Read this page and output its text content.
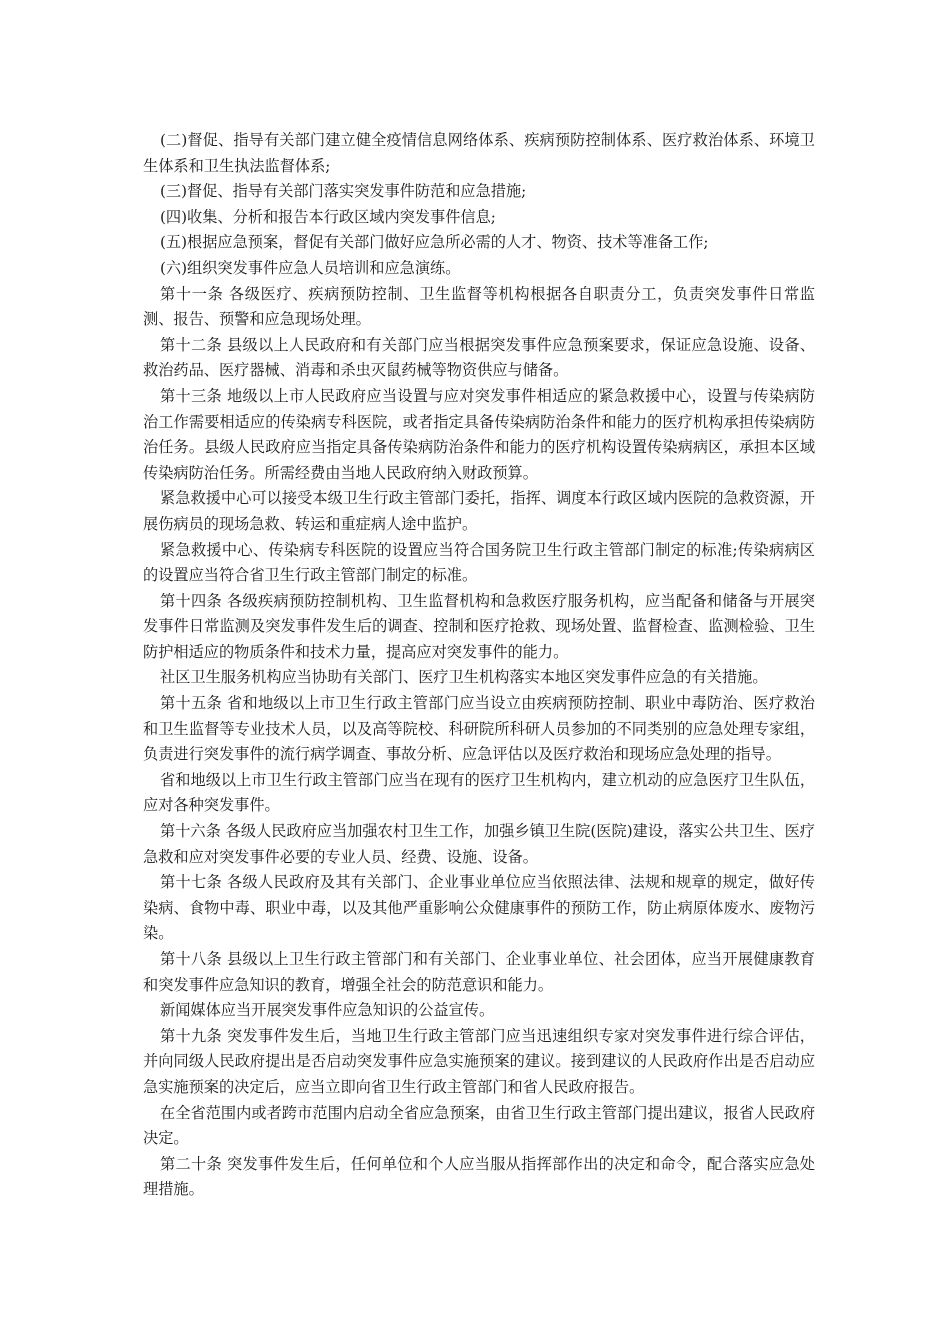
(二)督促、指导有关部门建立健全疫情信息网络体系、疾病预防控制体系、医疗救治体系、环境卫生体系和卫生执法监督体系;

(三)督促、指导有关部门落实突发事件防范和应急措施;

(四)收集、分析和报告本行政区域内突发事件信息;

(五)根据应急预案，督促有关部门做好应急所必需的人才、物资、技术等准备工作;

(六)组织突发事件应急人员培训和应急演练。

第十一条 各级医疗、疾病预防控制、卫生监督等机构根据各自职责分工，负责突发事件日常监测、报告、预警和应急现场处理。

第十二条 县级以上人民政府和有关部门应当根据突发事件应急预案要求，保证应急设施、设备、救治药品、医疗器械、消毒和杀虫灭鼠药械等物资供应与储备。

第十三条 地级以上市人民政府应当设置与应对突发事件相适应的紧急救援中心，设置与传染病防治工作需要相适应的传染病专科医院，或者指定具备传染病防治条件和能力的医疗机构承担传染病防治任务。县级人民政府应当指定具备传染病防治条件和能力的医疗机构设置传染病病区，承担本区域传染病防治任务。所需经费由当地人民政府纳入财政预算。

紧急救援中心可以接受本级卫生行政主管部门委托，指挥、调度本行政区域内医院的急救资源，开展伤病员的现场急救、转运和重症病人途中监护。

紧急救援中心、传染病专科医院的设置应当符合国务院卫生行政主管部门制定的标准;传染病病区的设置应当符合省卫生行政主管部门制定的标准。

第十四条 各级疾病预防控制机构、卫生监督机构和急救医疗服务机构，应当配备和储备与开展突发事件日常监测及突发事件发生后的调查、控制和医疗抢救、现场处置、监督检查、监测检验、卫生防护相适应的物质条件和技术力量，提高应对突发事件的能力。

社区卫生服务机构应当协助有关部门、医疗卫生机构落实本地区突发事件应急的有关措施。

第十五条 省和地级以上市卫生行政主管部门应当设立由疾病预防控制、职业中毒防治、医疗救治和卫生监督等专业技术人员，以及高等院校、科研院所科研人员参加的不同类别的应急处理专家组，负责进行突发事件的流行病学调查、事故分析、应急评估以及医疗救治和现场应急处理的指导。

省和地级以上市卫生行政主管部门应当在现有的医疗卫生机构内，建立机动的应急医疗卫生队伍，应对各种突发事件。

第十六条 各级人民政府应当加强农村卫生工作，加强乡镇卫生院(医院)建设，落实公共卫生、医疗急救和应对突发事件必要的专业人员、经费、设施、设备。

第十七条 各级人民政府及其有关部门、企业事业单位应当依照法律、法规和规章的规定，做好传染病、食物中毒、职业中毒，以及其他严重影响公众健康事件的预防工作，防止病原体废水、废物污染。

第十八条 县级以上卫生行政主管部门和有关部门、企业事业单位、社会团体，应当开展健康教育和突发事件应急知识的教育，增强全社会的防范意识和能力。

新闻媒体应当开展突发事件应急知识的公益宣传。

第十九条 突发事件发生后，当地卫生行政主管部门应当迅速组织专家对突发事件进行综合评估，并向同级人民政府提出是否启动突发事件应急实施预案的建议。接到建议的人民政府作出是否启动应急实施预案的决定后，应当立即向省卫生行政主管部门和省人民政府报告。

在全省范围内或者跨市范围内启动全省应急预案，由省卫生行政主管部门提出建议，报省人民政府决定。

第二十条 突发事件发生后，任何单位和个人应当服从指挥部作出的决定和命令，配合落实应急处理措施。
